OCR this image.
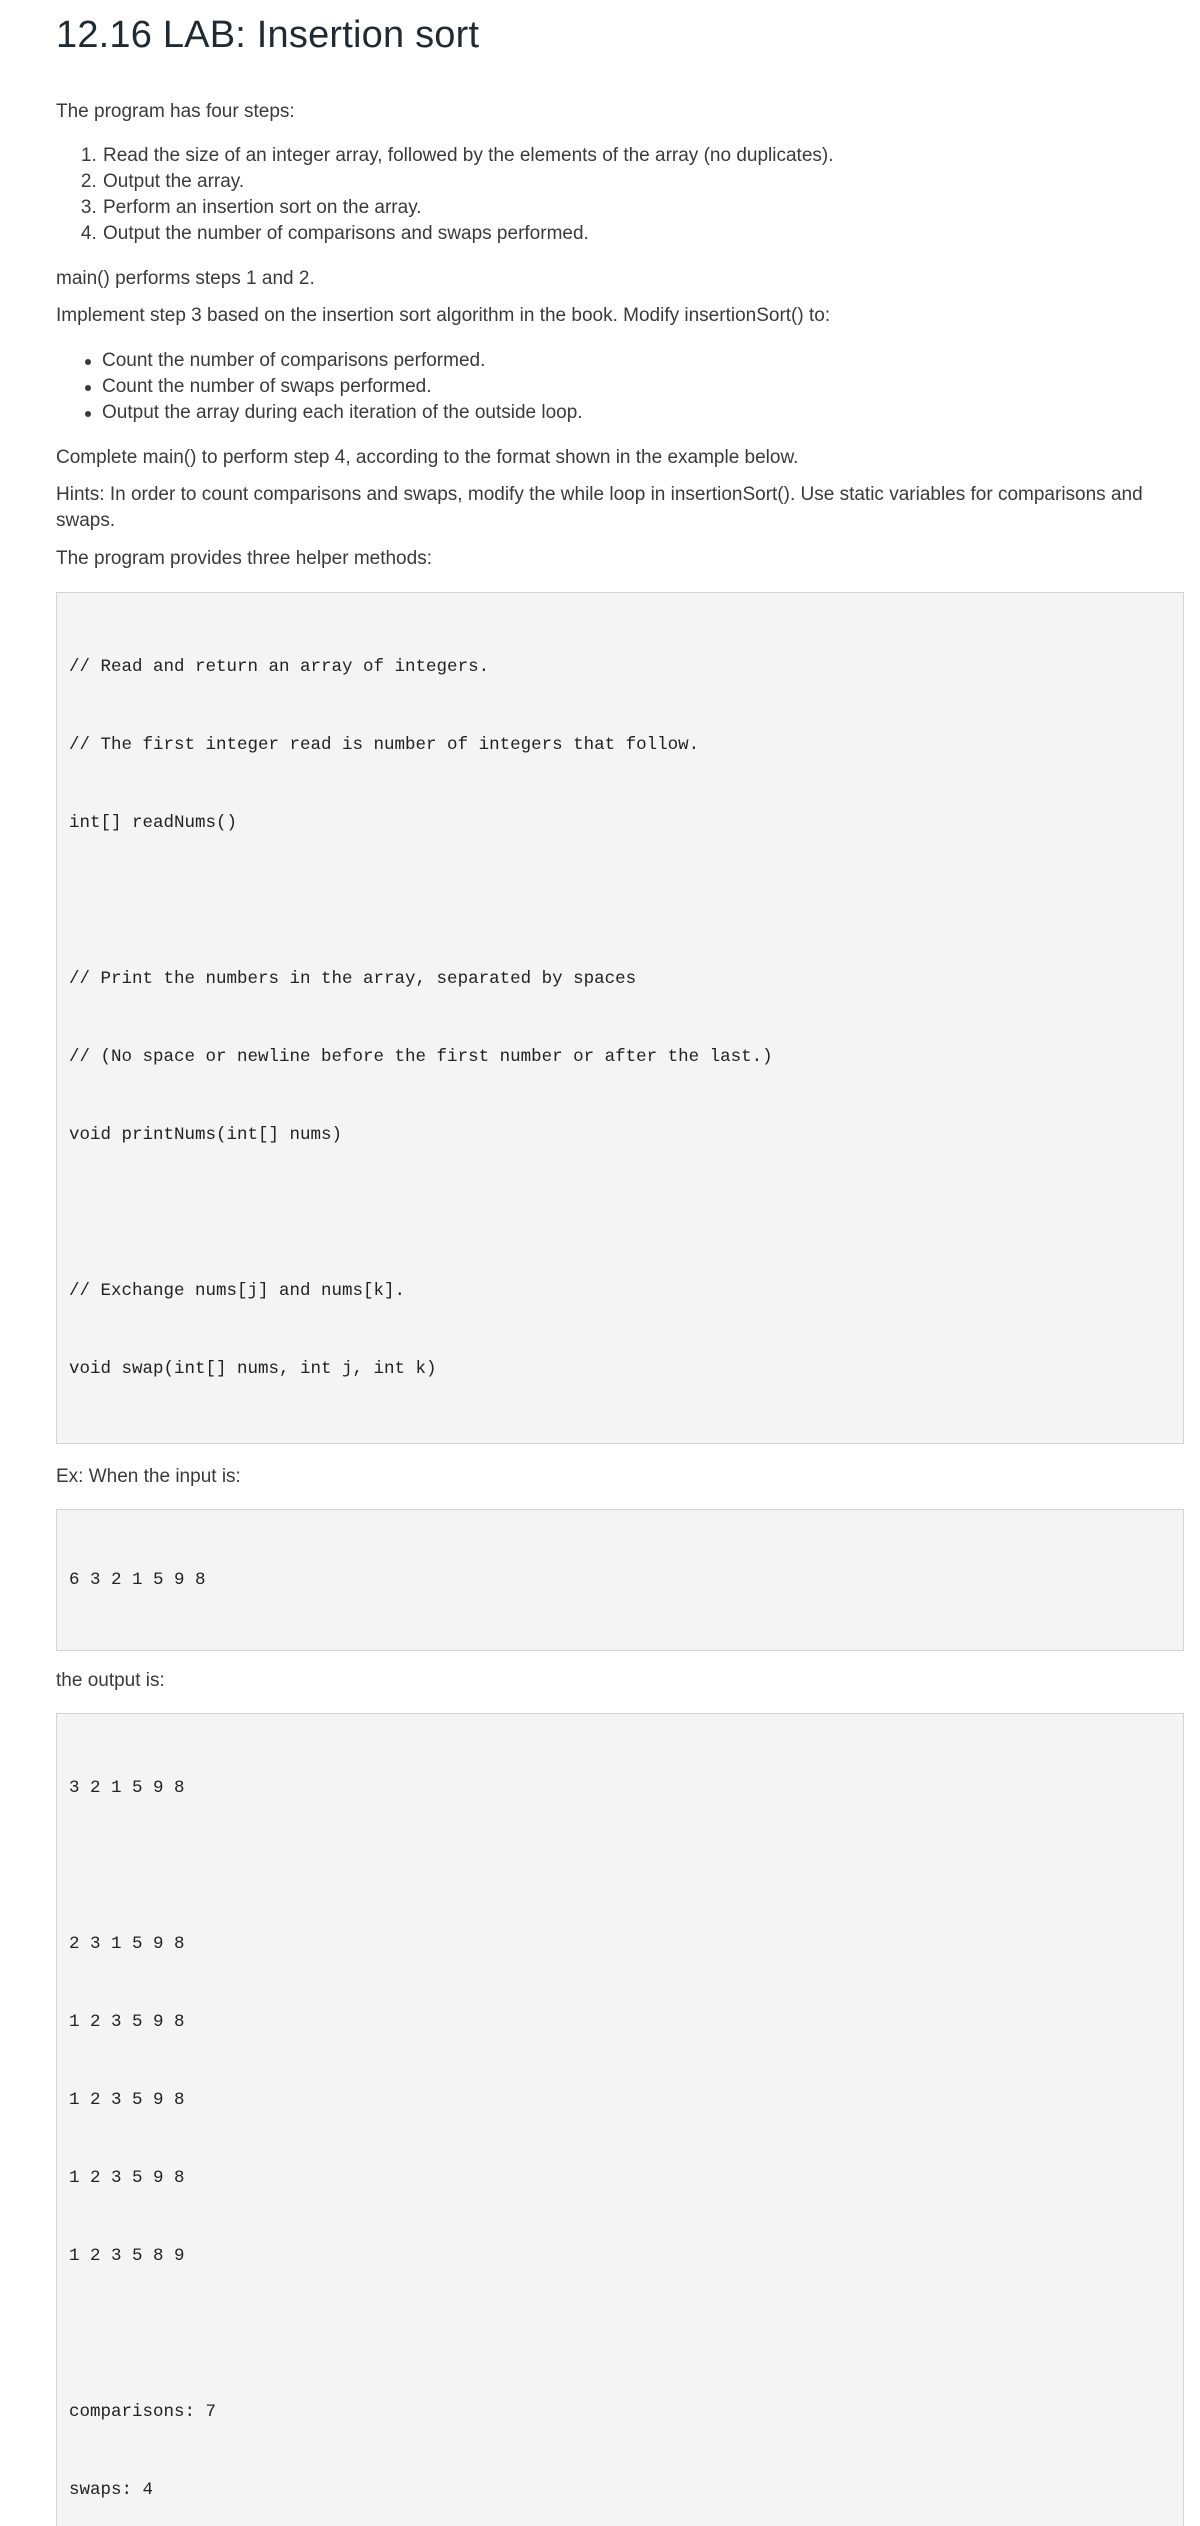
12.16 LAB: Insertion sort

The program has four steps:

1. Read the size of an integer array, followed by the elements of the array (no duplicates).
2. Output the array.
3. Perform an insertion sort on the array.
4. Output the number of comparisons and swaps performed.

main() performs steps 1 and 2.

Implement step 3 based on the insertion sort algorithm in the book. Modify insertionSort() to:

Count the number of comparisons performed.
Count the number of swaps performed.
Output the array during each iteration of the outside loop.

Complete main() to perform step 4, according to the format shown in the example below.

Hints: In order to count comparisons and swaps, modify the while loop in insertionSort(). Use static variables for comparisons and swaps.

The program provides three helper methods:

// Read and return an array of integers.

// The first integer read is number of integers that follow.

int[] readNums()

// Print the numbers in the array, separated by spaces

// (No space or newline before the first number or after the last.)

void printNums(int[] nums)

// Exchange nums[j] and nums[k].

void swap(int[] nums, int j, int k)

Ex: When the input is:

6 3 2 1 5 9 8

the output is:

3 2 1 5 9 8

2 3 1 5 9 8

1 2 3 5 9 8

1 2 3 5 9 8

1 2 3 5 9 8

1 2 3 5 8 9

comparisons: 7

swaps: 4
